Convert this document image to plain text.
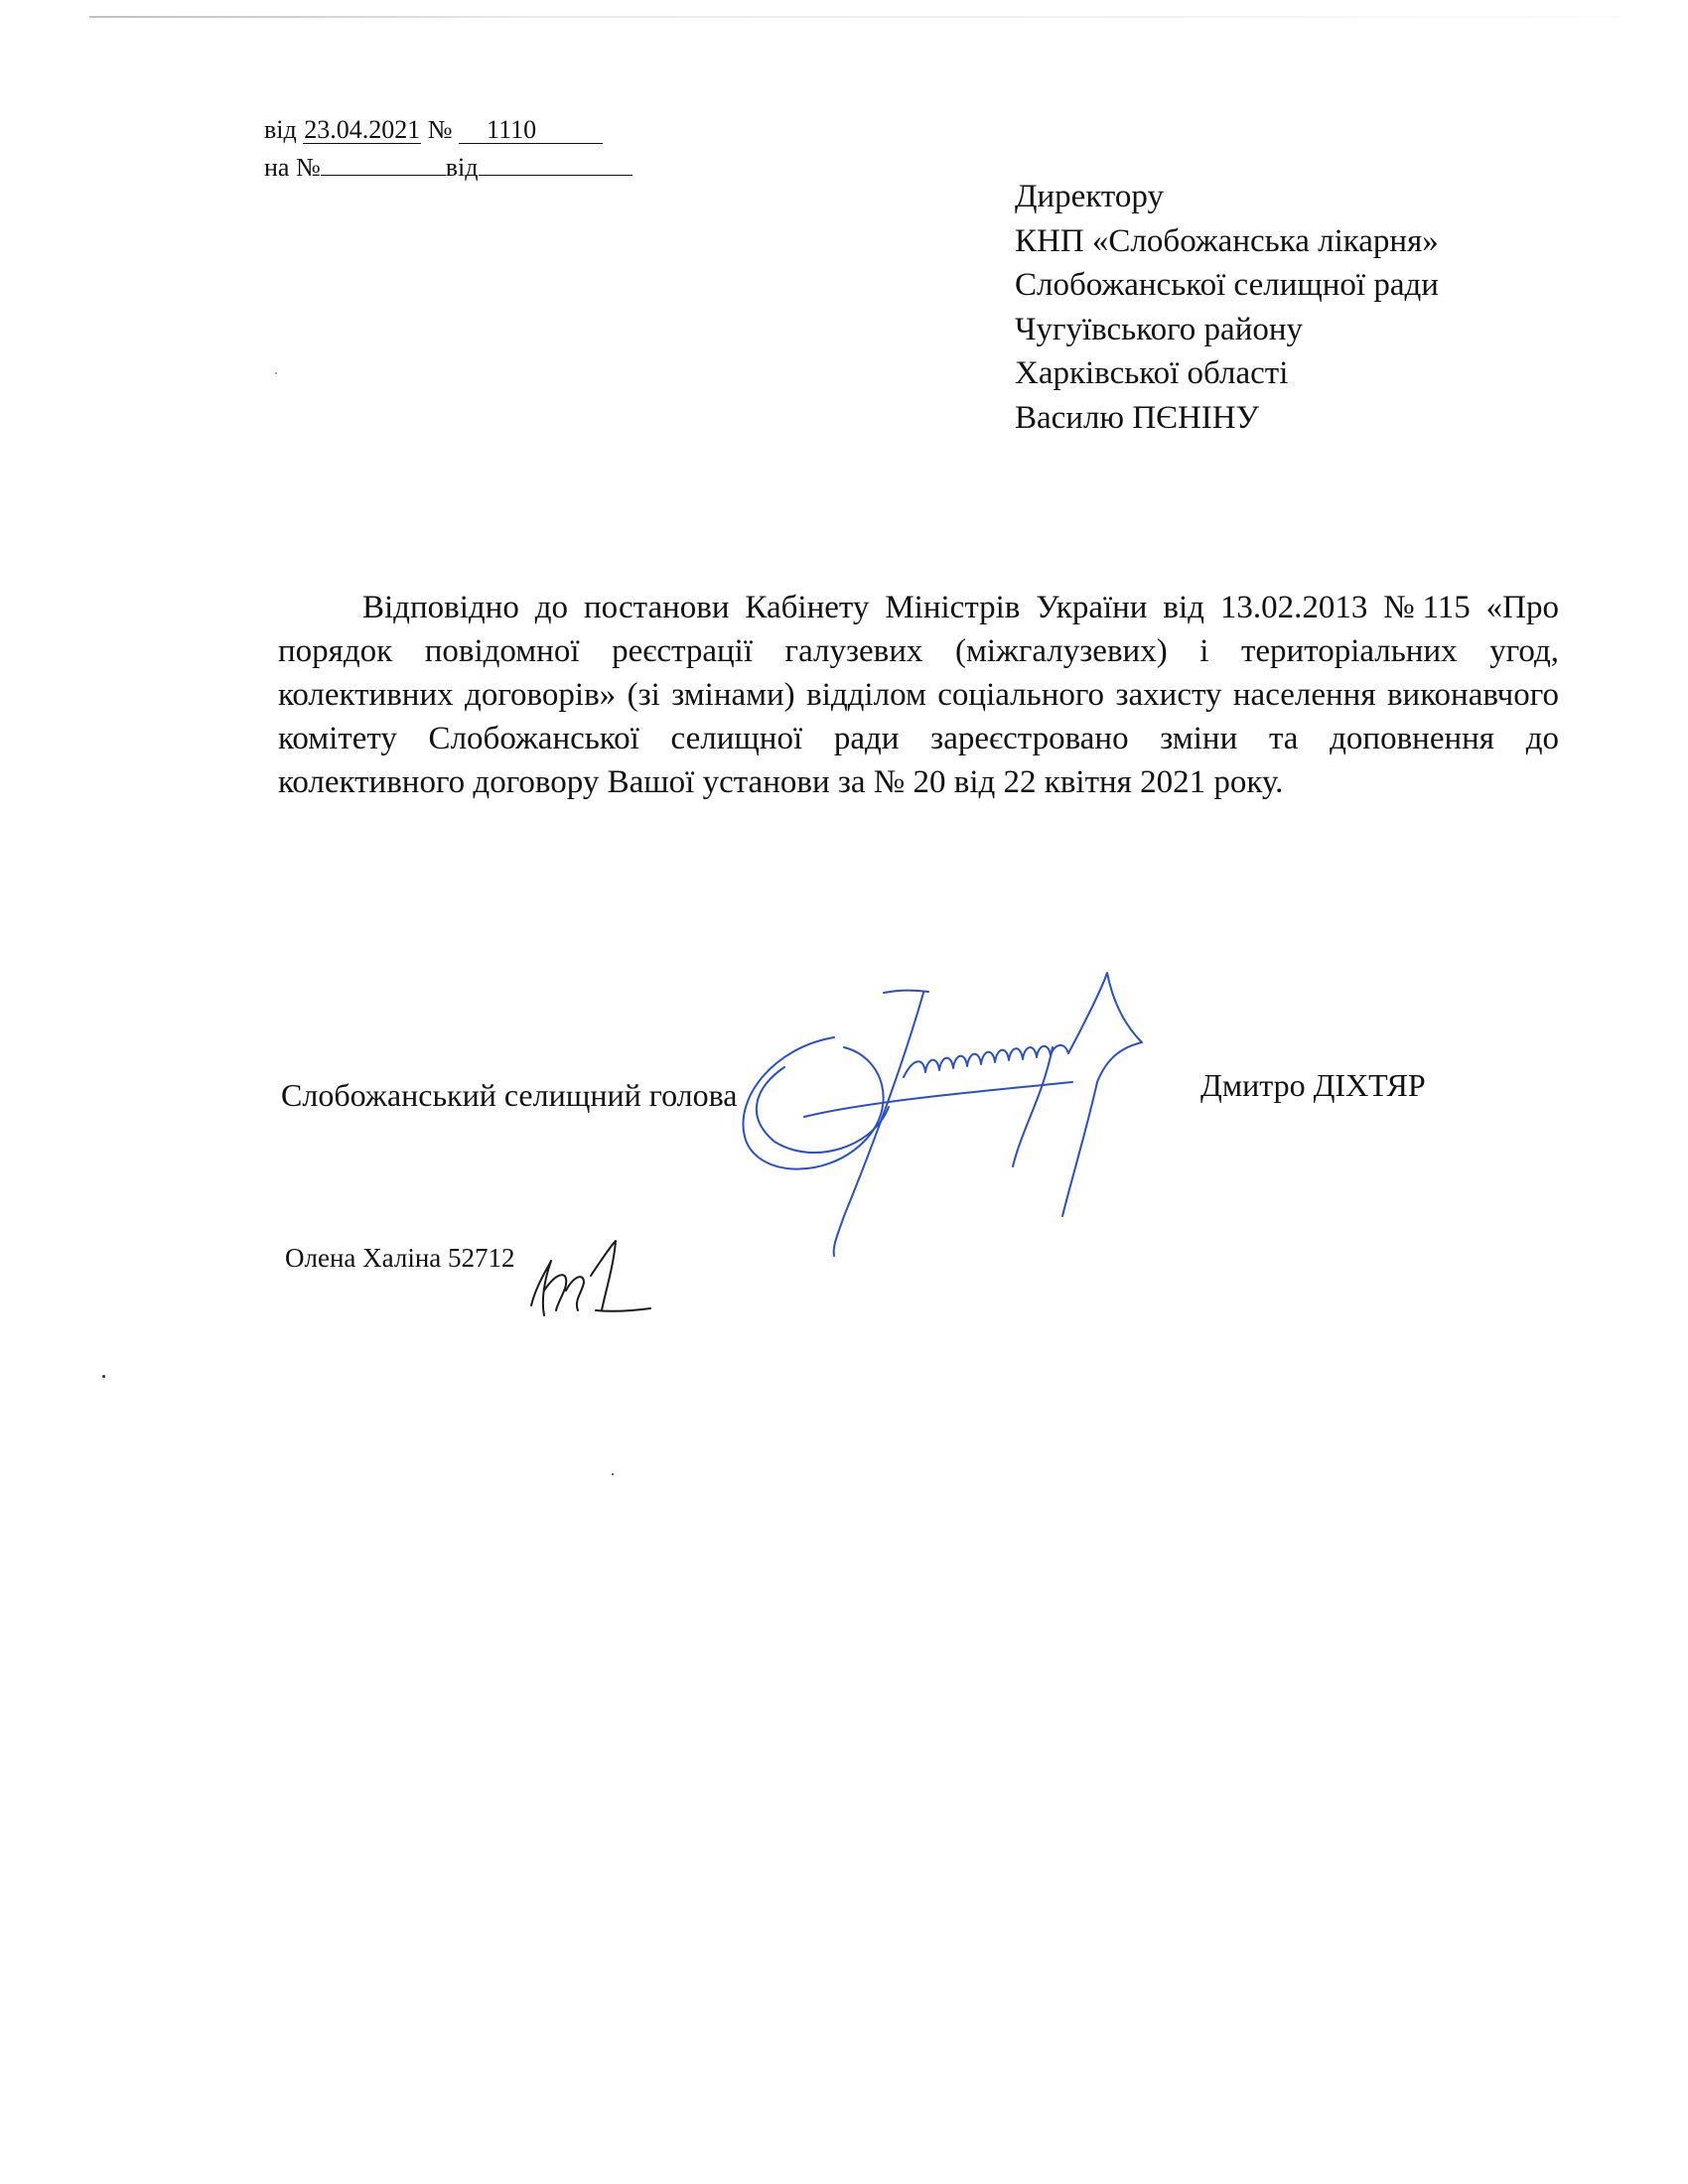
від 23.04.2021 № 1110
на №	від
Директору
КНП «Слобожанська лікарня»
Слобожанської селищної ради
Чугуївського району
Харківської області
Василю ПЄНІНУ

Відповідно до постанови Кабінету Міністрів України від 13.02.2013 №115 «Про порядок повідомної реєстрації галузевих (міжгалузевих) і територіальних угод, колективних договорів» (зі змінами) відділом соціального захисту населення виконавчого комітету Слобожанської селищної ради зареєстровано зміни та доповнення до колективного договору Вашої установи за № 20 від 22 квітня 2021 року.

Слобожанський селищний голова	Дмитро ДІХТЯР
Олена Халіна 52712
